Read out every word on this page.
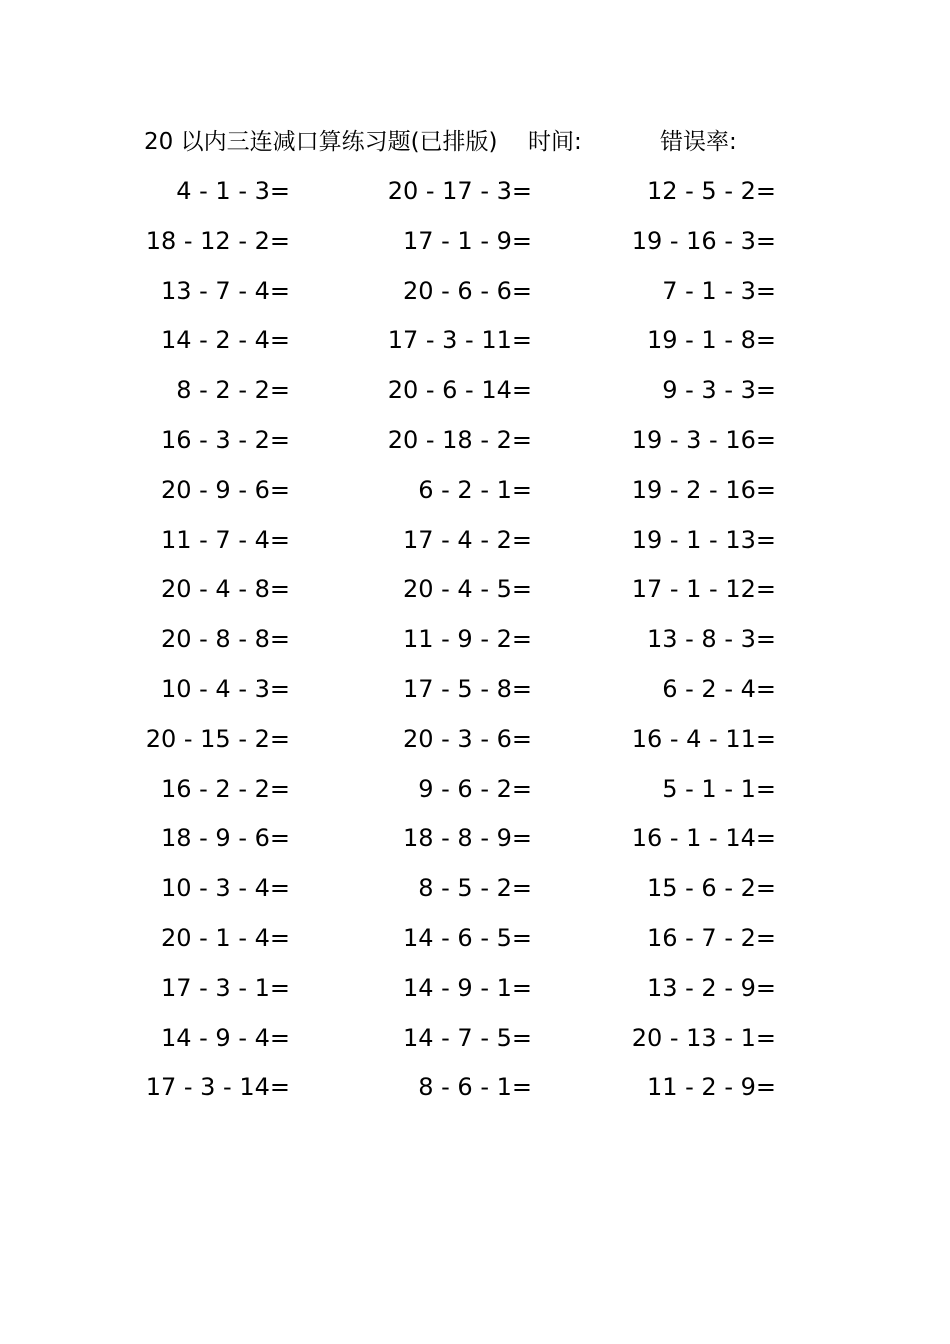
20 以内三连减口算练习题(已排版) 时间:	错误率:
4 - 1 - 3=	20 - 17 - 3=	12 - 5 - 2=
18 - 12 - 2=	17 - 1 - 9=	19 - 16 - 3=
13 - 7 - 4=	20 - 6 - 6=	7 - 1 - 3=
14 - 2 - 4=	17 - 3 - 11=	19 - 1 - 8=
8 - 2 - 2=	20 - 6 - 14=	9 - 3 - 3=
16 - 3 - 2=	20 - 18 - 2=	19 - 3 - 16=
20 - 9 - 6=	6 - 2 - 1=	19 - 2 - 16=
11 - 7 - 4=	17 - 4 - 2=	19 - 1 - 13=
20 - 4 - 8=	20 - 4 - 5=	17 - 1 - 12=
20 - 8 - 8=	11 - 9 - 2=	13 - 8 - 3=
10 - 4 - 3=	17 - 5 - 8=	6 - 2 - 4=
20 - 15 - 2=	20 - 3 - 6=	16 - 4 - 11=
16 - 2 - 2=	9 - 6 - 2=	5 - 1 - 1=
18 - 9 - 6=	18 - 8 - 9=	16 - 1 - 14=
10 - 3 - 4=	8 - 5 - 2=	15 - 6 - 2=
20 - 1 - 4=	14 - 6 - 5=	16 - 7 - 2=
17 - 3 - 1=	14 - 9 - 1=	13 - 2 - 9=
14 - 9 - 4=	14 - 7 - 5=	20 - 13 - 1=
17 - 3 - 14=	8 - 6 - 1=	11 - 2 - 9=
